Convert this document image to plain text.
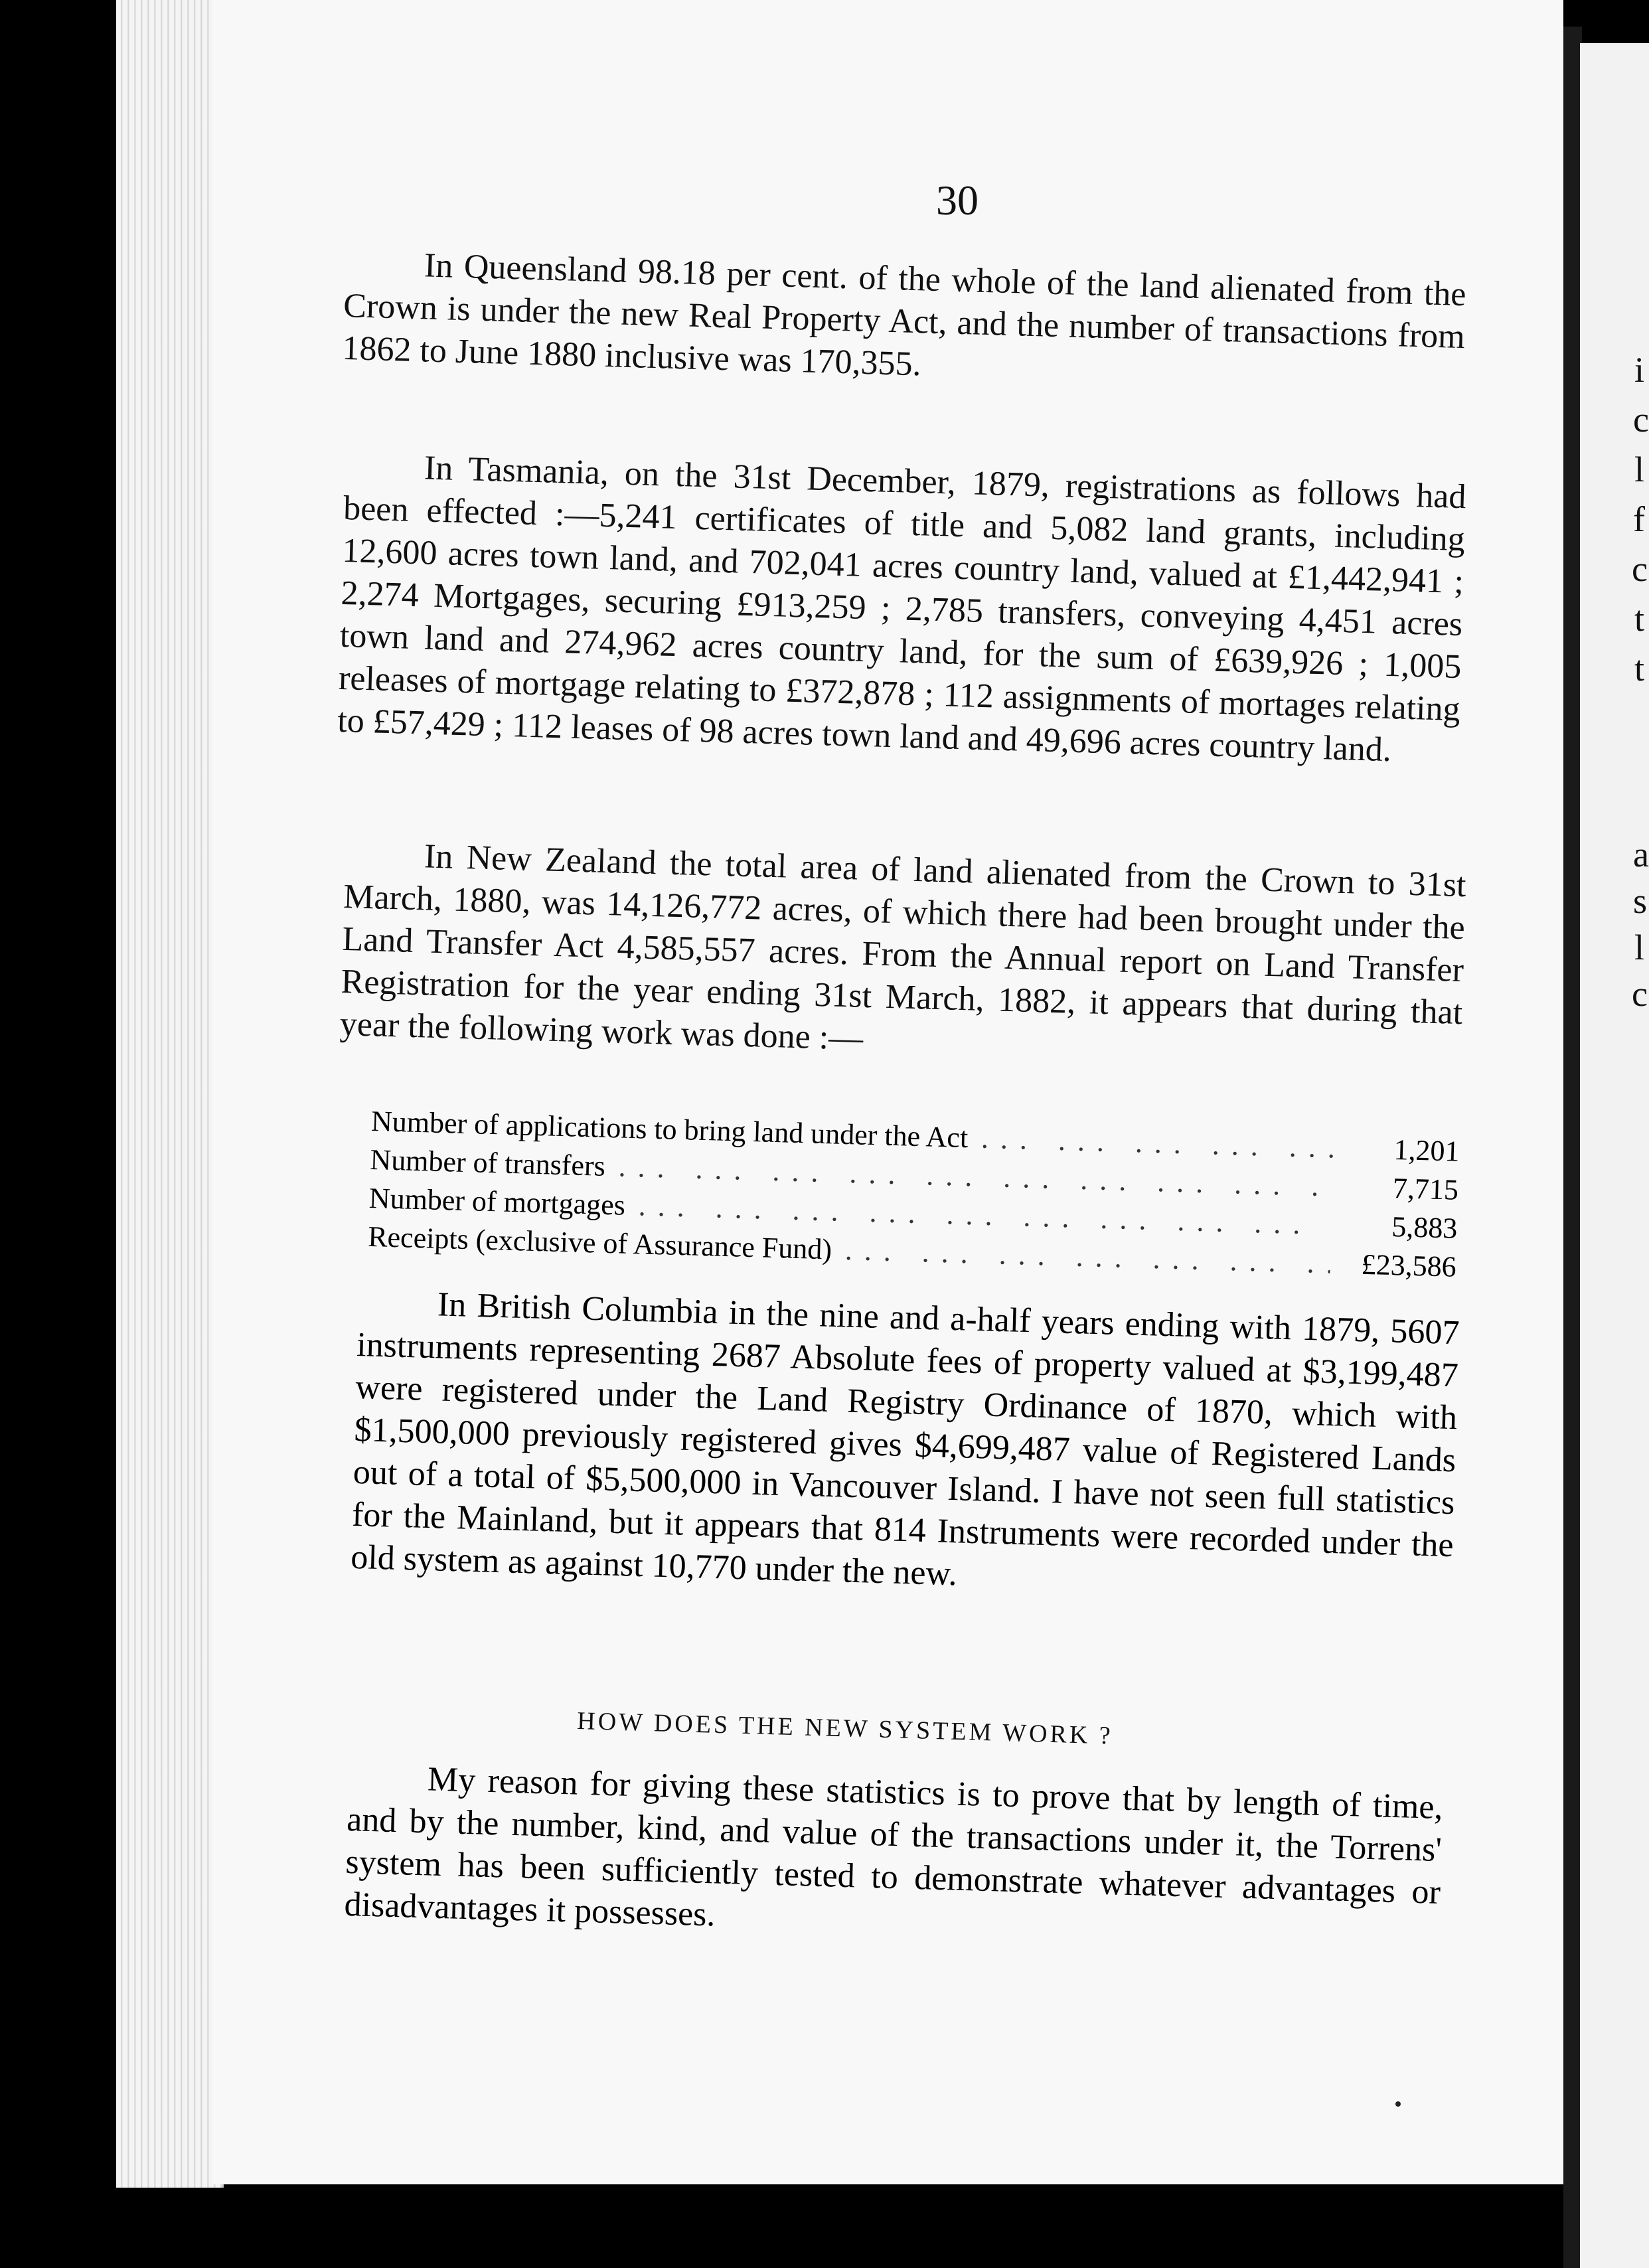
i
c
l
f
c
t
t
a
s
l
c
30

In Queensland 98.18 per cent. of the whole of the land alienated from the Crown is under the new Real Property Act, and the number of transactions from 1862 to June 1880 inclusive was 170,355.

In Tasmania, on the 31st December, 1879, registrations as follows had been effected :—5,241 certificates of title and 5,082 land grants, including 12,600 acres town land, and 702,041 acres country land, valued at £1,442,941 ; 2,274 Mortgages, securing £913,259 ; 2,785 transfers, conveying 4,451 acres town land and 274,962 acres country land, for the sum of £639,926 ; 1,005 releases of mortgage relating to £372,878 ; 112 assignments of mortages relating to £57,429 ; 112 leases of 98 acres town land and 49,696 acres country land.

In New Zealand the total area of land alienated from the Crown to 31st March, 1880, was 14,126,772 acres, of which there had been brought under the Land Transfer Act 4,585,557 acres. From the Annual report on Land Transfer Registration for the year ending 31st March, 1882, it appears that during that year the following work was done :—

Number of applications to bring land under the Act ... .	1,201
Number of transfers
... .
7,715
Number of mortgages
... .
5,883
Receipts (exclusive of Assurance Fund) ... .	£23,586

In British Columbia in the nine and a-half years ending with 1879, 5607 instruments representing 2687 Absolute fees of property valued at $3,199,487 were registered under the Land Registry Ordinance of 1870, which with $1,500,000 previously registered gives $4,699,487 value of Registered Lands out of a total of $5,500,000 in Vancouver Island. I have not seen full statistics for the Mainland, but it appears that 814 Instruments were recorded under the old system as against 10,770 under the new.

HOW DOES THE NEW SYSTEM WORK ?

My reason for giving these statistics is to prove that by length of time, and by the number, kind, and value of the transactions under it, the Torrens' system has been sufficiently tested to demonstrate whatever advantages or disadvantages it possesses.
